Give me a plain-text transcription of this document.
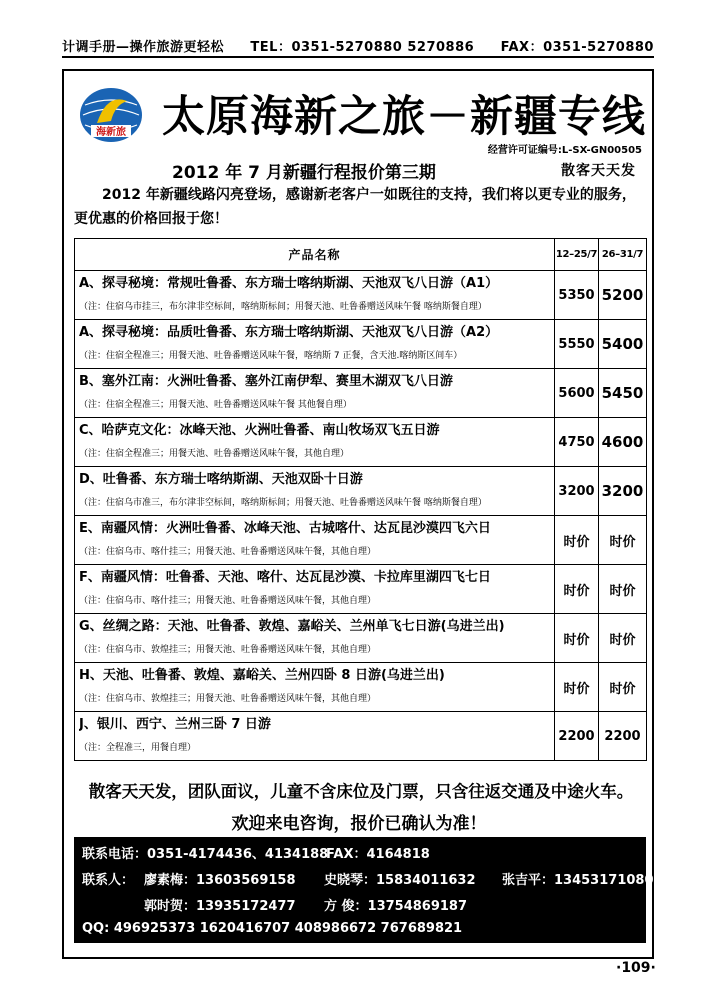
计调手册—操作旅游更轻松 TEL：0351-5270880 5270886 FAX：0351-5270880
海新旅 太原海新之旅－新疆专线
经营许可证编号:L-SX-GN00505
2012 年 7 月新疆行程报价第三期	散客天天发
2012 年新疆线路闪亮登场，感谢新老客户一如既往的支持，我们将以更专业的服务，更优惠的价格回报于您！
产品名称	12–25/7	26–31/7

A、探寻秘境：常规吐鲁番、东方瑞士喀纳斯湖、天池双飞八日游（A1）
（注：住宿乌市挂三，布尔津非空标间，喀纳斯标间；用餐天池、吐鲁番赠送风味午餐 喀纳斯餐自理）	5350	5200

A、探寻秘境：品质吐鲁番、东方瑞士喀纳斯湖、天池双飞八日游（A2）
（注：住宿全程准三；用餐天池、吐鲁番赠送风味午餐，喀纳斯 7 正餐，含天池.喀纳斯区间车）	5550	5400

B、塞外江南：火洲吐鲁番、塞外江南伊犁、赛里木湖双飞八日游
（注：住宿全程准三；用餐天池、吐鲁番赠送风味午餐 其他餐自理）	5600	5450

C、哈萨克文化：冰峰天池、火洲吐鲁番、南山牧场双飞五日游
（注：住宿全程准三；用餐天池、吐鲁番赠送风味午餐，其他自理）	4750	4600

D、吐鲁番、东方瑞士喀纳斯湖、天池双卧十日游
（注：住宿乌市准三，布尔津非空标间，喀纳斯标间；用餐天池、吐鲁番赠送风味午餐 喀纳斯餐自理）	3200	3200

E、南疆风情：火洲吐鲁番、冰峰天池、古城喀什、达瓦昆沙漠四飞六日
（注：住宿乌市、喀什挂三；用餐天池、吐鲁番赠送风味午餐，其他自理）	时价	时价

F、南疆风情：吐鲁番、天池、喀什、达瓦昆沙漠、卡拉库里湖四飞七日
（注：住宿乌市、喀什挂三；用餐天池、吐鲁番赠送风味午餐，其他自理）	时价	时价

G、丝绸之路：天池、吐鲁番、敦煌、嘉峪关、兰州单飞七日游(乌进兰出)
（注：住宿乌市、敦煌挂三；用餐天池、吐鲁番赠送风味午餐，其他自理）	时价	时价

H、天池、吐鲁番、敦煌、嘉峪关、兰州四卧 8 日游(乌进兰出)
（注：住宿乌市、敦煌挂三；用餐天池、吐鲁番赠送风味午餐，其他自理）	时价	时价

J、银川、西宁、兰州三卧 7 日游
（注：全程准三，用餐自理）	2200	2200
散客天天发，团队面议，儿童不含床位及门票，只含往返交通及中途火车。
欢迎来电咨询，报价已确认为准！
联系电话：0351-4174436、4134188
FAX：4164818
联系人： 廖素梅：13603569158 史晓琴：15834011632 张吉平：13453171080
郭时贺：13935172477 方 俊：13754869187
QQ: 496925373 1620416707 408986672 767689821
·109·
